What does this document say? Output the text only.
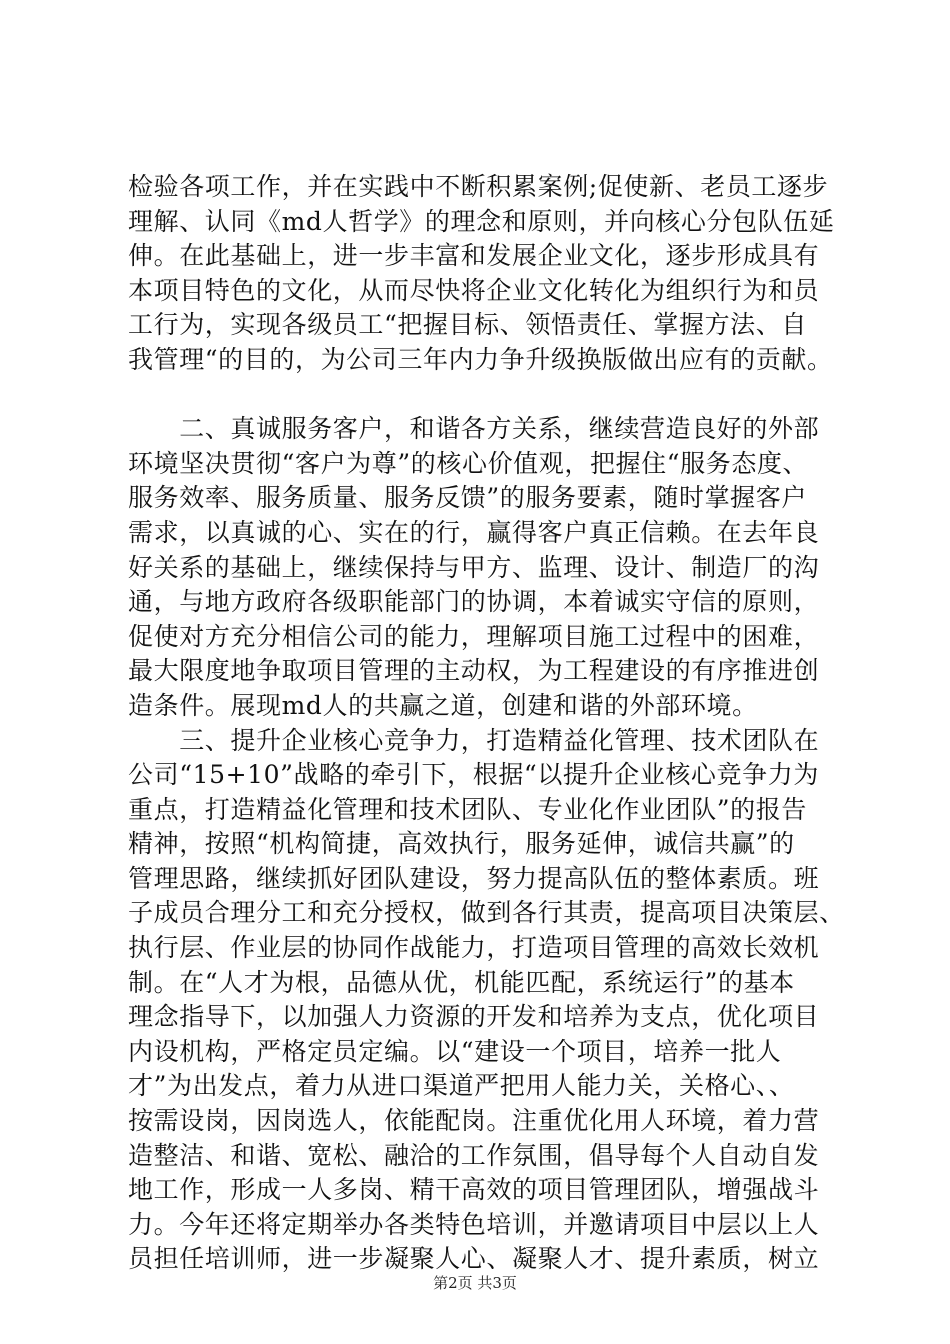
检验各项工作，并在实践中不断积累案例;促使新、老员工逐步
理解、认同《md人哲学》的理念和原则，并向核心分包队伍延
伸。在此基础上，进一步丰富和发展企业文化，逐步形成具有
本项目特色的文化，从而尽快将企业文化转化为组织行为和员
工行为，实现各级员工“把握目标、领悟责任、掌握方法、自
我管理“的目的，为公司三年内力争升级换版做出应有的贡献。
　　二、真诚服务客户，和谐各方关系，继续营造良好的外部
环境坚决贯彻“客户为尊”的核心价值观，把握住“服务态度、
服务效率、服务质量、服务反馈”的服务要素，随时掌握客户
需求，以真诚的心、实在的行，赢得客户真正信赖。在去年良
好关系的基础上，继续保持与甲方、监理、设计、制造厂的沟
通，与地方政府各级职能部门的协调，本着诚实守信的原则，
促使对方充分相信公司的能力，理解项目施工过程中的困难，
最大限度地争取项目管理的主动权，为工程建设的有序推进创
造条件。展现md人的共赢之道，创建和谐的外部环境。
　　三、提升企业核心竞争力，打造精益化管理、技术团队在
公司“15+10”战略的牵引下，根据“以提升企业核心竞争力为
重点，打造精益化管理和技术团队、专业化作业团队”的报告
精神，按照“机构简捷，高效执行，服务延伸，诚信共赢”的
管理思路，继续抓好团队建设，努力提高队伍的整体素质。班
子成员合理分工和充分授权，做到各行其责，提高项目决策层、
执行层、作业层的协同作战能力，打造项目管理的高效长效机
制。在“人才为根，品德从优，机能匹配，系统运行”的基本
理念指导下，以加强人力资源的开发和培养为支点，优化项目
内设机构，严格定员定编。以“建设一个项目，培养一批人
才”为出发点，着力从进口渠道严把用人能力关，关格心、、
按需设岗，因岗选人，依能配岗。注重优化用人环境，着力营
造整洁、和谐、宽松、融洽的工作氛围，倡导每个人自动自发
地工作，形成一人多岗、精干高效的项目管理团队，增强战斗
力。今年还将定期举办各类特色培训，并邀请项目中层以上人
员担任培训师，进一步凝聚人心、凝聚人才、提升素质，树立
第2页 共3页
